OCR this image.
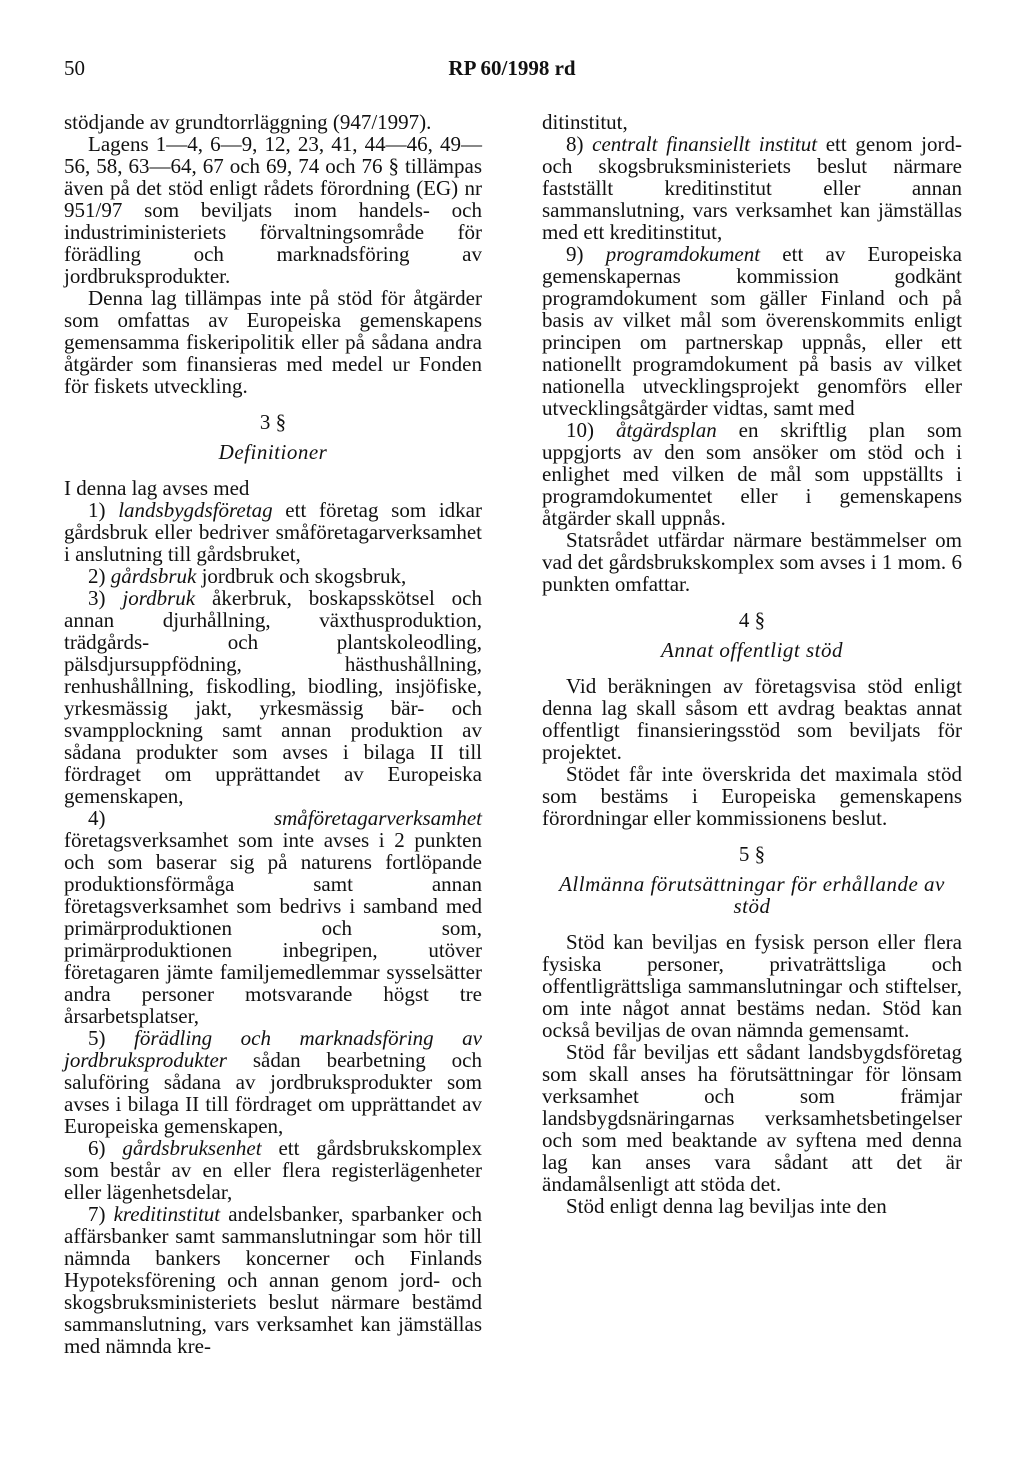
50	RP 60/1998 rd

stödjande av grundtorrläggning (947/1997).

Lagens 1—4, 6—9, 12, 23, 41, 44—46, 49—56, 58, 63—64, 67 och 69, 74 och 76 § tillämpas även på det stöd enligt rådets förordning (EG) nr 951/97 som beviljats inom handels- och industriministeriets förvaltningsområde för förädling och marknadsföring av jordbruksprodukter.

Denna lag tillämpas inte på stöd för åtgärder som omfattas av Europeiska gemenskapens gemensamma fiskeripolitik eller på sådana andra åtgärder som finansieras med medel ur Fonden för fiskets utveckling.

3 §
Definitioner

I denna lag avses med

1) landsbygdsföretag ett företag som idkar gårdsbruk eller bedriver småföretagarverksamhet i anslutning till gårdsbruket,

2) gårdsbruk jordbruk och skogsbruk,

3) jordbruk åkerbruk, boskapsskötsel och annan djurhållning, växthusproduktion, trädgårds- och plantskoleodling, pälsdjursuppfödning, hästhushållning, renhushållning, fiskodling, biodling, insjöfiske, yrkesmässig jakt, yrkesmässig bär- och svampplockning samt annan produktion av sådana produkter som avses i bilaga II till fördraget om upprättandet av Europeiska gemenskapen,

4) småföretagarverksamhet företagsverksamhet som inte avses i 2 punkten och som baserar sig på naturens fortlöpande produktionsförmåga samt annan företagsverksamhet som bedrivs i samband med primärproduktionen och som, primärproduktionen inbegripen, utöver företagaren jämte familjemedlemmar sysselsätter andra personer motsvarande högst tre årsarbetsplatser,

5) förädling och marknadsföring av jordbruksprodukter sådan bearbetning och saluföring sådana av jordbruksprodukter som avses i bilaga II till fördraget om upprättandet av Europeiska gemenskapen,

6) gårdsbruksenhet ett gårdsbrukskomplex som består av en eller flera registerlägenheter eller lägenhetsdelar,

7) kreditinstitut andelsbanker, sparbanker och affärsbanker samt sammanslutningar som hör till nämnda bankers koncerner och Finlands Hypoteksförening och annan genom jord- och skogsbruksministeriets beslut närmare bestämd sammanslutning, vars verksamhet kan jämställas med nämnda kre-

ditinstitut,

8) centralt finansiellt institut ett genom jord- och skogsbruksministeriets beslut närmare fastställt kreditinstitut eller annan sammanslutning, vars verksamhet kan jämställas med ett kreditinstitut,

9) programdokument ett av Europeiska gemenskapernas kommission godkänt programdokument som gäller Finland och på basis av vilket mål som överenskommits enligt principen om partnerskap uppnås, eller ett nationellt programdokument på basis av vilket nationella utvecklingsprojekt genomförs eller utvecklingsåtgärder vidtas, samt med

10) åtgärdsplan en skriftlig plan som uppgjorts av den som ansöker om stöd och i enlighet med vilken de mål som uppställts i programdokumentet eller i gemenskapens åtgärder skall uppnås.

Statsrådet utfärdar närmare bestämmelser om vad det gårdsbrukskomplex som avses i 1 mom. 6 punkten omfattar.

4 §
Annat offentligt stöd

Vid beräkningen av företagsvisa stöd enligt denna lag skall såsom ett avdrag beaktas annat offentligt finansieringsstöd som beviljats för projektet.

Stödet får inte överskrida det maximala stöd som bestäms i Europeiska gemenskapens förordningar eller kommissionens beslut.

5 §
Allmänna förutsättningar för erhållande av stöd

Stöd kan beviljas en fysisk person eller flera fysiska personer, privaträttsliga och offentligrättsliga sammanslutningar och stiftelser, om inte något annat bestäms nedan. Stöd kan också beviljas de ovan nämnda gemensamt.

Stöd får beviljas ett sådant landsbygdsföretag som skall anses ha förutsättningar för lönsam verksamhet och som främjar landsbygdsnäringarnas verksamhetsbetingelser och som med beaktande av syftena med denna lag kan anses vara sådant att det är ändamålsenligt att stöda det.

Stöd enligt denna lag beviljas inte den
